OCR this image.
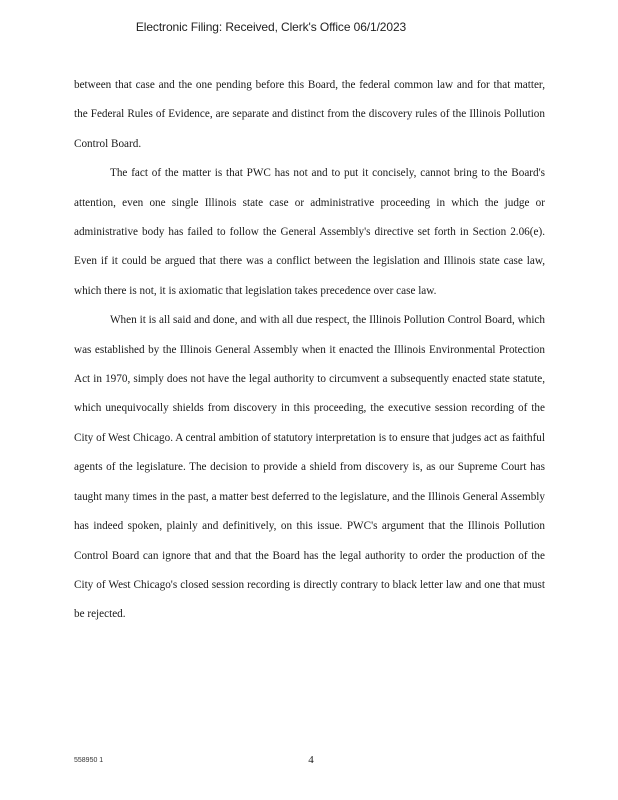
Electronic Filing: Received, Clerk's Office 06/1/2023

between that case and the one pending before this Board, the federal common law and for that matter, the Federal Rules of Evidence, are separate and distinct from the discovery rules of the Illinois Pollution Control Board.

The fact of the matter is that PWC has not and to put it concisely, cannot bring to the Board's attention, even one single Illinois state case or administrative proceeding in which the judge or administrative body has failed to follow the General Assembly's directive set forth in Section 2.06(e). Even if it could be argued that there was a conflict between the legislation and Illinois state case law, which there is not, it is axiomatic that legislation takes precedence over case law.

When it is all said and done, and with all due respect, the Illinois Pollution Control Board, which was established by the Illinois General Assembly when it enacted the Illinois Environmental Protection Act in 1970, simply does not have the legal authority to circumvent a subsequently enacted state statute, which unequivocally shields from discovery in this proceeding, the executive session recording of the City of West Chicago. A central ambition of statutory interpretation is to ensure that judges act as faithful agents of the legislature. The decision to provide a shield from discovery is, as our Supreme Court has taught many times in the past, a matter best deferred to the legislature, and the Illinois General Assembly has indeed spoken, plainly and definitively, on this issue. PWC's argument that the Illinois Pollution Control Board can ignore that and that the Board has the legal authority to order the production of the City of West Chicago's closed session recording is directly contrary to black letter law and one that must be rejected.

558950 1	4
